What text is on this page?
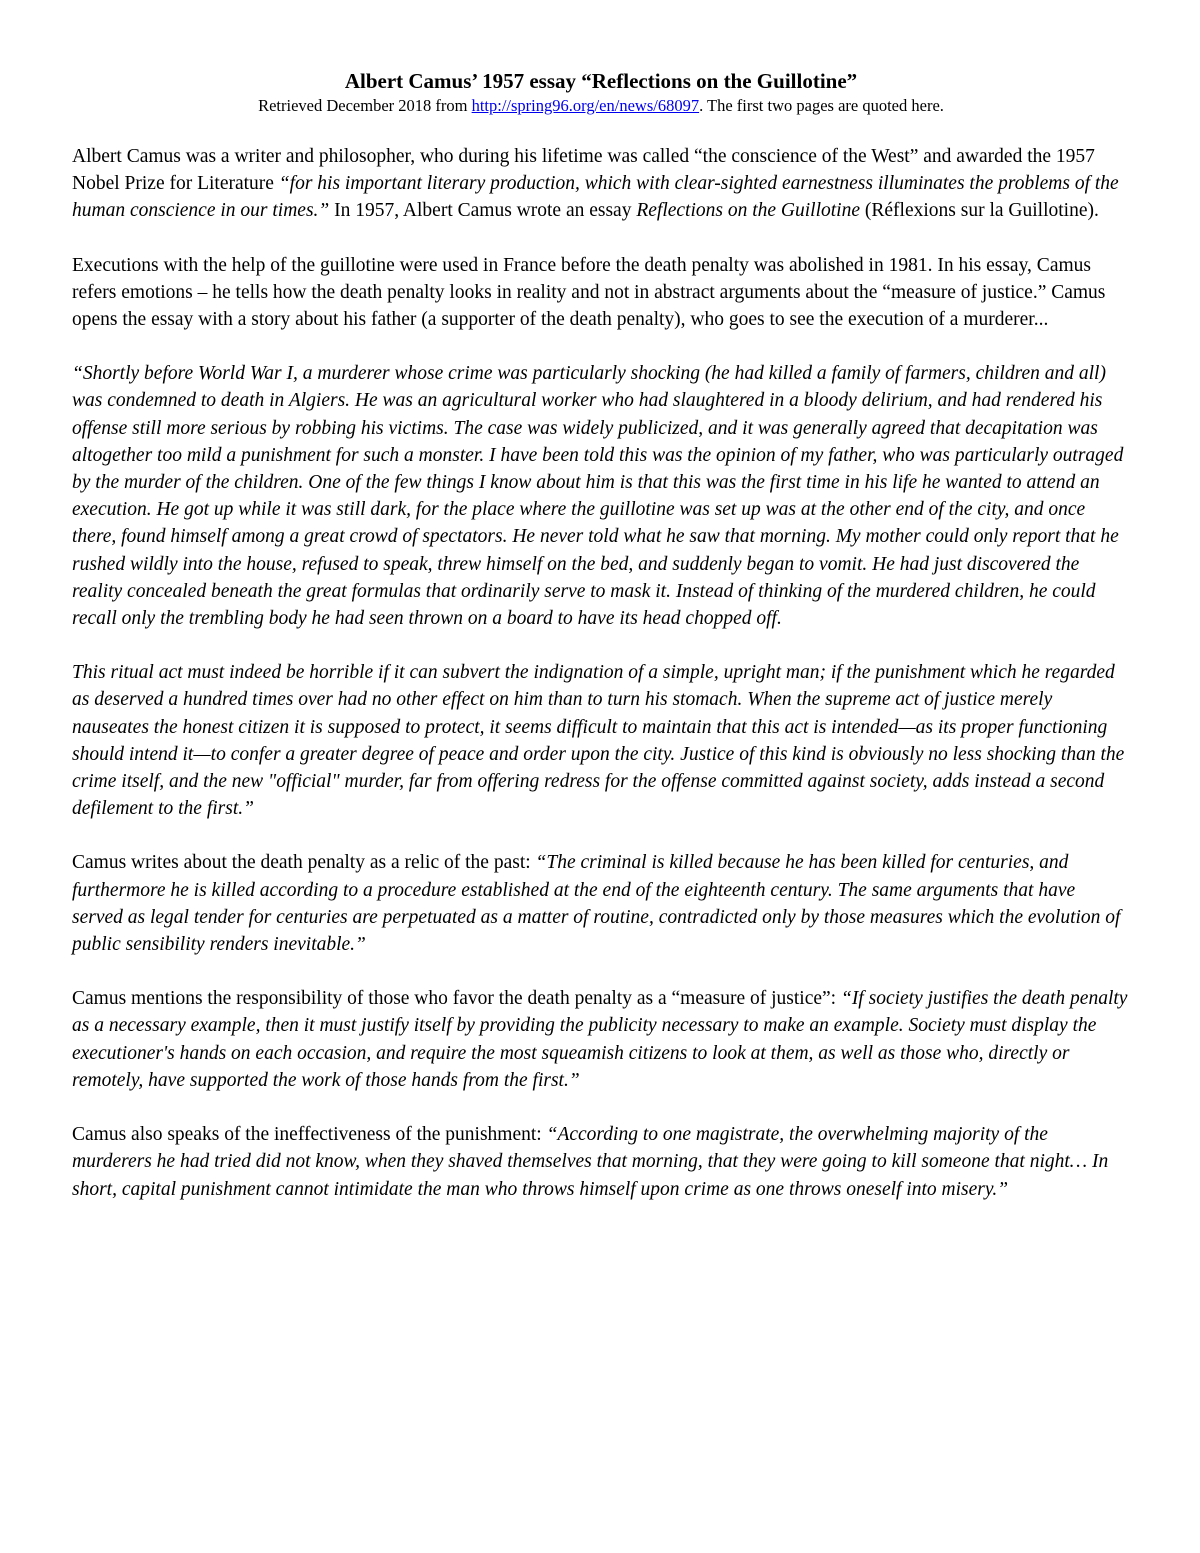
Albert Camus’ 1957 essay “Reflections on the Guillotine”
Retrieved December 2018 from http://spring96.org/en/news/68097. The first two pages are quoted here.

Albert Camus was a writer and philosopher, who during his lifetime was called “the conscience of the West” and awarded the 1957 Nobel Prize for Literature “for his important literary production, which with clear-sighted earnestness illuminates the problems of the human conscience in our times.” In 1957, Albert Camus wrote an essay Reflections on the Guillotine (Réflexions sur la Guillotine).

Executions with the help of the guillotine were used in France before the death penalty was abolished in 1981. In his essay, Camus refers emotions – he tells how the death penalty looks in reality and not in abstract arguments about the “measure of justice.” Camus opens the essay with a story about his father (a supporter of the death penalty), who goes to see the execution of a murderer...

“Shortly before World War I, a murderer whose crime was particularly shocking (he had killed a family of farmers, children and all) was condemned to death in Algiers. He was an agricultural worker who had slaughtered in a bloody delirium, and had rendered his offense still more serious by robbing his victims. The case was widely publicized, and it was generally agreed that decapitation was altogether too mild a punishment for such a monster. I have been told this was the opinion of my father, who was particularly outraged by the murder of the children. One of the few things I know about him is that this was the first time in his life he wanted to attend an execution. He got up while it was still dark, for the place where the guillotine was set up was at the other end of the city, and once there, found himself among a great crowd of spectators. He never told what he saw that morning. My mother could only report that he rushed wildly into the house, refused to speak, threw himself on the bed, and suddenly began to vomit. He had just discovered the reality concealed beneath the great formulas that ordinarily serve to mask it. Instead of thinking of the murdered children, he could recall only the trembling body he had seen thrown on a board to have its head chopped off.

This ritual act must indeed be horrible if it can subvert the indignation of a simple, upright man; if the punishment which he regarded as deserved a hundred times over had no other effect on him than to turn his stomach. When the supreme act of justice merely nauseates the honest citizen it is supposed to protect, it seems difficult to maintain that this act is intended—as its proper functioning should intend it—to confer a greater degree of peace and order upon the city. Justice of this kind is obviously no less shocking than the crime itself, and the new "official" murder, far from offering redress for the offense committed against society, adds instead a second defilement to the first.”

Camus writes about the death penalty as a relic of the past: “The criminal is killed because he has been killed for centuries, and furthermore he is killed according to a procedure established at the end of the eighteenth century. The same arguments that have served as legal tender for centuries are perpetuated as a matter of routine, contradicted only by those measures which the evolution of public sensibility renders inevitable.”

Camus mentions the responsibility of those who favor the death penalty as a “measure of justice”: “If society justifies the death penalty as a necessary example, then it must justify itself by providing the publicity necessary to make an example. Society must display the executioner's hands on each occasion, and require the most squeamish citizens to look at them, as well as those who, directly or remotely, have supported the work of those hands from the first.”

Camus also speaks of the ineffectiveness of the punishment: “According to one magistrate, the overwhelming majority of the murderers he had tried did not know, when they shaved themselves that morning, that they were going to kill someone that night… In short, capital punishment cannot intimidate the man who throws himself upon crime as one throws oneself into misery.”
